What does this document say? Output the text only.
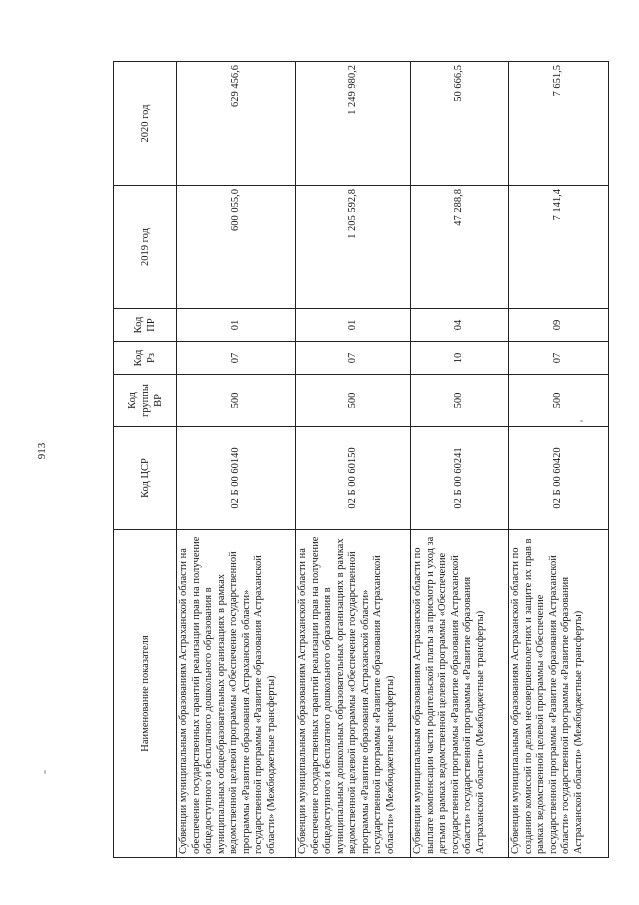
913
Наименование показателя	Код ЦСР	Код группы ВР	Код Рз	Код ПР	2019 год	2020 год
Субвенции муниципальным образованиям Астраханской области на обеспечение государственных гарантий реализации прав на получение общедоступного и бесплатного дошкольного образования в муниципальных общеобразовательных организациях в рамках ведомственной целевой программы «Обеспечение государственной программы «Развитие образования Астраханской области» государственной программы «Развитие образования Астраханской области» (Межбюджетные трансферты)	02 Б 00 60140	500	07	01	600 055,0	629 456,6
Субвенции муниципальным образованиям Астраханской области на обеспечение государственных гарантий реализации прав на получение общедоступного и бесплатного дошкольного образования в муниципальных дошкольных образовательных организациях в рамках ведомственной целевой программы «Обеспечение государственной программы «Развитие образования Астраханской области» государственной программы «Развитие образования Астраханской области» (Межбюджетные трансферты)	02 Б 00 60150	500	07	01	1 205 592,8	1 249 980,2
Субвенции муниципальным образованиям Астраханской области по выплате компенсации части родительской платы за присмотр и уход за детьми в рамках ведомственной целевой программы «Обеспечение государственной программы «Развитие образования Астраханской области» государственной программы «Развитие образования Астраханской области» (Межбюджетные трансферты)	02 Б 00 60241	500	10	04	47 288,8	50 666,5
Субвенции муниципальным образованиям Астраханской области по созданию комиссий по делам несовершеннолетних и защите их прав в рамках ведомственной целевой программы «Обеспечение государственной программы «Развитие образования Астраханской области» государственной программы «Развитие образования Астраханской области» (Межбюджетные трансферты)	02 Б 00 60420	500	07	09	7 141,4	7 651,5
